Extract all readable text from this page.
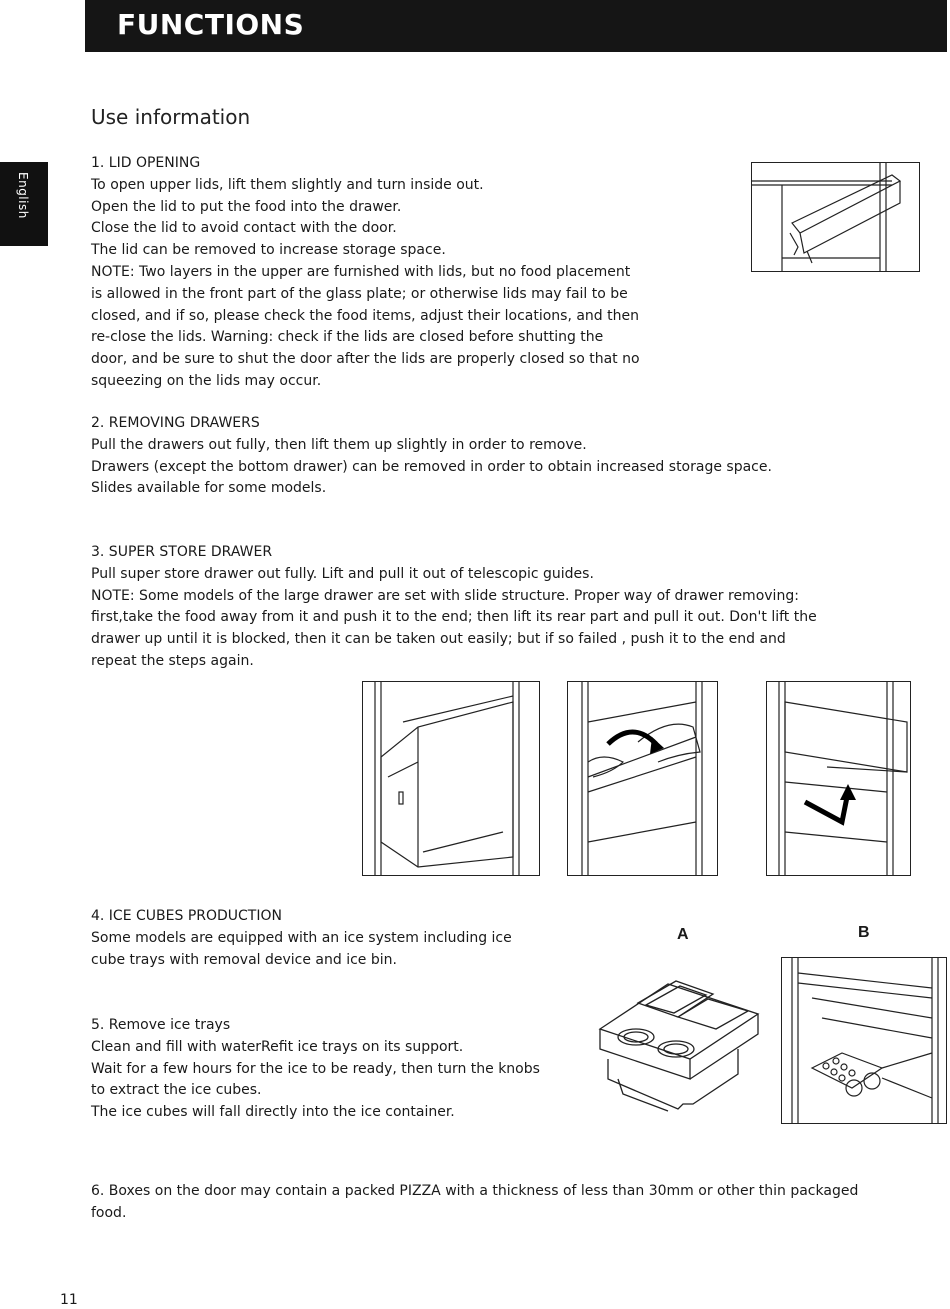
FUNCTIONS
English
Use information

1. LID OPENING

To open upper lids, lift them slightly and turn inside out.

Open the lid to put the food into the drawer.

Close the lid to avoid contact with the door.

The lid can be removed to increase storage space.

NOTE: Two layers in the upper are furnished with lids, but no food placement

is allowed in the front part of the glass plate; or otherwise lids may fail to be

closed, and if so, please check the food items, adjust their locations, and then

re-close the lids. Warning: check if the lids are closed before shutting the

door, and be sure to shut the door after the lids are properly closed so that no

squeezing on the lids may occur.

2. REMOVING DRAWERS

Pull the drawers out fully, then lift them up slightly in order to remove.

Drawers (except the bottom drawer) can be removed in order to obtain increased storage space.

Slides available for some models.

3. SUPER STORE DRAWER

Pull super store drawer out fully. Lift and pull it out of telescopic guides.

NOTE: Some models of the large drawer are set with slide structure. Proper way of drawer removing:

first,take the food away from it and push it to the end; then lift its rear part and pull it out. Don't lift the

drawer up until it is blocked, then it can be taken out easily; but if so failed , push it to the end and

repeat the steps again.

4. ICE CUBES PRODUCTION

Some models are equipped with an ice system including ice

cube trays with removal device and ice bin.

A	B

5. Remove ice trays

Clean and fill with waterRefit ice trays on its support.

Wait for a few hours for the ice to be ready, then turn the knobs

to extract the ice cubes.

The ice cubes will fall directly into the ice container.

6. Boxes on the door may contain a packed PIZZA with a thickness of less than 30mm or other thin packaged

food.

11
